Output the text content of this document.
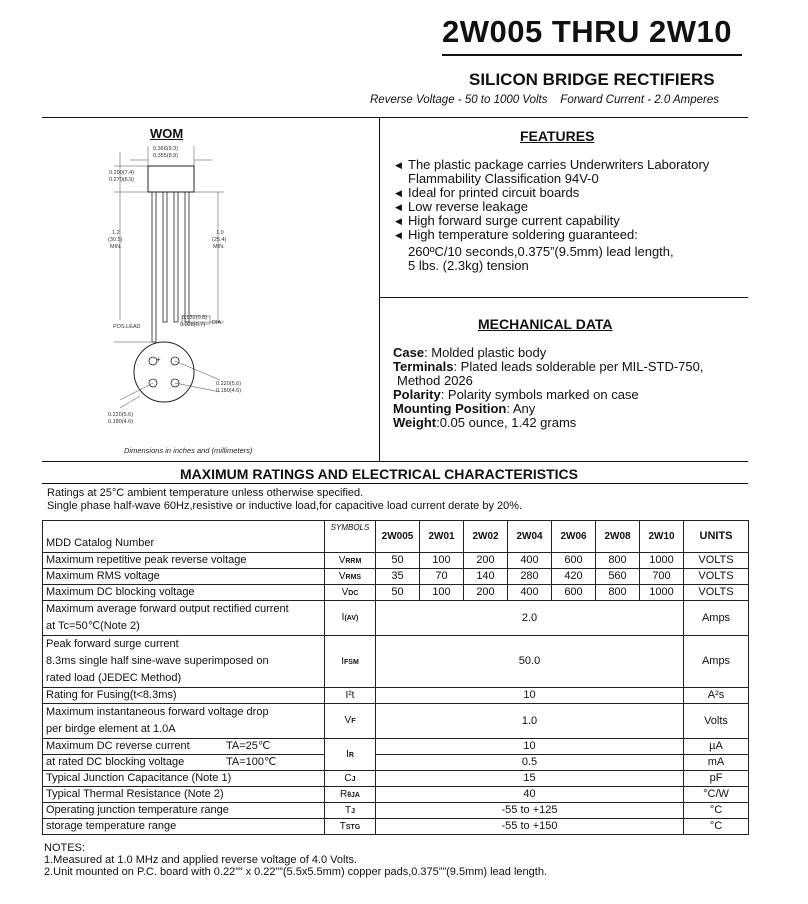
2W005 THRU 2W10
SILICON BRIDGE RECTIFIERS
Reverse Voltage - 50 to 1000 Volts Forward Current - 2.0 Amperes
WOM
0.366(9.3)
0.355(8.9)
0.290(7.4)
0.270(6.9)
1.2
(30.5)
MIN.
1.0
(25.4)
MIN.
0.032(0.8)
0.028(0.7) DIA.
POS.LEAD
0.220(5.6)
0.180(4.6)
0.220(5.6)
0.180(4.6)
+
Dimensions in inches and (millimeters)
FEATURES
◀ The plastic package carries Underwriters Laboratory
Flammability Classification 94V-0
◀ Ideal for printed circuit boards
◀ Low reverse leakage
◀ High forward surge current capability
◀ High temperature soldering guaranteed:
260ºC/10 seconds,0.375”(9.5mm) lead length,
5 lbs. (2.3kg) tension
MECHANICAL DATA
Case: Molded plastic body
Terminals: Plated leads solderable per MIL-STD-750,
Method 2026
Polarity: Polarity symbols marked on case
Mounting Position: Any
Weight:0.05 ounce, 1.42 grams
MAXIMUM RATINGS AND ELECTRICAL CHARACTERISTICS
Ratings at 25°C ambient temperature unless otherwise specified.
Single phase half-wave 60Hz,resistive or inductive load,for capacitive load current derate by 20%.
MDD Catalog Number	SYMBOLS	2W005	2W01	2W02	2W04	2W06	2W08	2W10	UNITS
Maximum repetitive peak reverse voltage	VRRM	50	100	200	400	600	800	1000	VOLTS
Maximum RMS voltage	VRMS	35	70	140	280	420	560	700	VOLTS
Maximum DC blocking voltage	VDC	50	100	200	400	600	800	1000	VOLTS
Maximum average forward output rectified current
at Tc=50℃(Note 2)	I(AV)	2.0							Amps
Peak forward surge current
8.3ms single half sine-wave superimposed on
rated load (JEDEC Method)	IFSM	50.0							Amps
Rating for Fusing(t<8.3ms)	I²t	10							A²s
Maximum instantaneous forward voltage drop
per birdge element at 1.0A	VF	1.0							Volts
Maximum DC reverse current TA=25℃	IR	10							µA
at rated DC blocking voltage TA=100℃		0.5							mA
Typical Junction Capacitance (Note 1)	CJ	15							pF
Typical Thermal Resistance (Note 2)	RθJA	40							°C/W
Operating junction temperature range	TJ	-55 to +125							°C
storage temperature range	TSTG	-55 to +150							°C
NOTES:
1.Measured at 1.0 MHz and applied reverse voltage of 4.0 Volts.
2.Unit mounted on P.C. board with 0.22”” x 0.22””(5.5x5.5mm) copper pads,0.375””(9.5mm) lead length.
